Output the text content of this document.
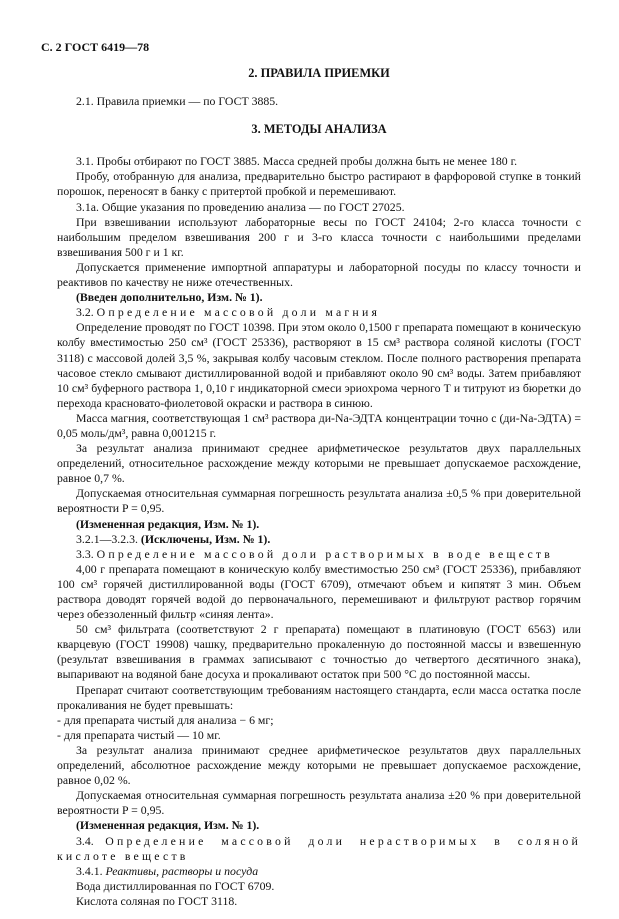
С. 2 ГОСТ 6419—78

2. ПРАВИЛА ПРИЕМКИ

2.1. Правила приемки — по ГОСТ 3885.

3. МЕТОДЫ АНАЛИЗА

3.1. Пробы отбирают по ГОСТ 3885. Масса средней пробы должна быть не менее 180 г.

Пробу, отобранную для анализа, предварительно быстро растирают в фарфоровой ступке в тонкий порошок, переносят в банку с притертой пробкой и перемешивают.

3.1а. Общие указания по проведению анализа — по ГОСТ 27025.

При взвешивании используют лабораторные весы по ГОСТ 24104; 2-го класса точности с наибольшим пределом взвешивания 200 г и 3-го класса точности с наибольшими пределами взвешивания 500 г и 1 кг.

Допускается применение импортной аппаратуры и лабораторной посуды по классу точности и реактивов по качеству не ниже отечественных.

(Введен дополнительно, Изм. № 1).

3.2. Определение массовой доли магния

Определение проводят по ГОСТ 10398. При этом около 0,1500 г препарата помещают в коническую колбу вместимостью 250 см³ (ГОСТ 25336), растворяют в 15 см³ раствора соляной кислоты (ГОСТ 3118) с массовой долей 3,5 %, закрывая колбу часовым стеклом. После полного растворения препарата часовое стекло смывают дистиллированной водой и прибавляют около 90 см³ воды. Затем прибавляют 10 см³ буферного раствора 1, 0,10 г индикаторной смеси эриохрома черного Т и титруют из бюретки до перехода красновато-фиолетовой окраски и раствора в синюю.

Масса магния, соответствующая 1 см³ раствора ди-Na-ЭДТА концентрации точно c (ди-Na-ЭДТА) = 0,05 моль/дм³, равна 0,001215 г.

За результат анализа принимают среднее арифметическое результатов двух параллельных определений, относительное расхождение между которыми не превышает допускаемое расхождение, равное 0,7 %.

Допускаемая относительная суммарная погрешность результата анализа ±0,5 % при доверительной вероятности P = 0,95.

(Измененная редакция, Изм. № 1).

3.2.1—3.2.3. (Исключены, Изм. № 1).

3.3. Определение массовой доли растворимых в воде веществ

4,00 г препарата помещают в коническую колбу вместимостью 250 см³ (ГОСТ 25336), прибавляют 100 см³ горячей дистиллированной воды (ГОСТ 6709), отмечают объем и кипятят 3 мин. Объем раствора доводят горячей водой до первоначального, перемешивают и фильтруют раствор горячим через обеззоленный фильтр «синяя лента».

50 см³ фильтрата (соответствуют 2 г препарата) помещают в платиновую (ГОСТ 6563) или кварцевую (ГОСТ 19908) чашку, предварительно прокаленную до постоянной массы и взвешенную (результат взвешивания в граммах записывают с точностью до четвертого десятичного знака), выпаривают на водяной бане досуха и прокаливают остаток при 500 °С до постоянной массы.

Препарат считают соответствующим требованиям настоящего стандарта, если масса остатка после прокаливания не будет превышать:

- для препарата чистый для анализа − 6 мг;

- для препарата чистый — 10 мг.

За результат анализа принимают среднее арифметическое результатов двух параллельных определений, абсолютное расхождение между которыми не превышает допускаемое расхождение, равное 0,02 %.

Допускаемая относительная суммарная погрешность результата анализа ±20 % при доверительной вероятности P = 0,95.

(Измененная редакция, Изм. № 1).

3.4. Определение массовой доли нерастворимых в соляной кислоте веществ

3.4.1. Реактивы, растворы и посуда

Вода дистиллированная по ГОСТ 6709.

Кислота соляная по ГОСТ 3118.
